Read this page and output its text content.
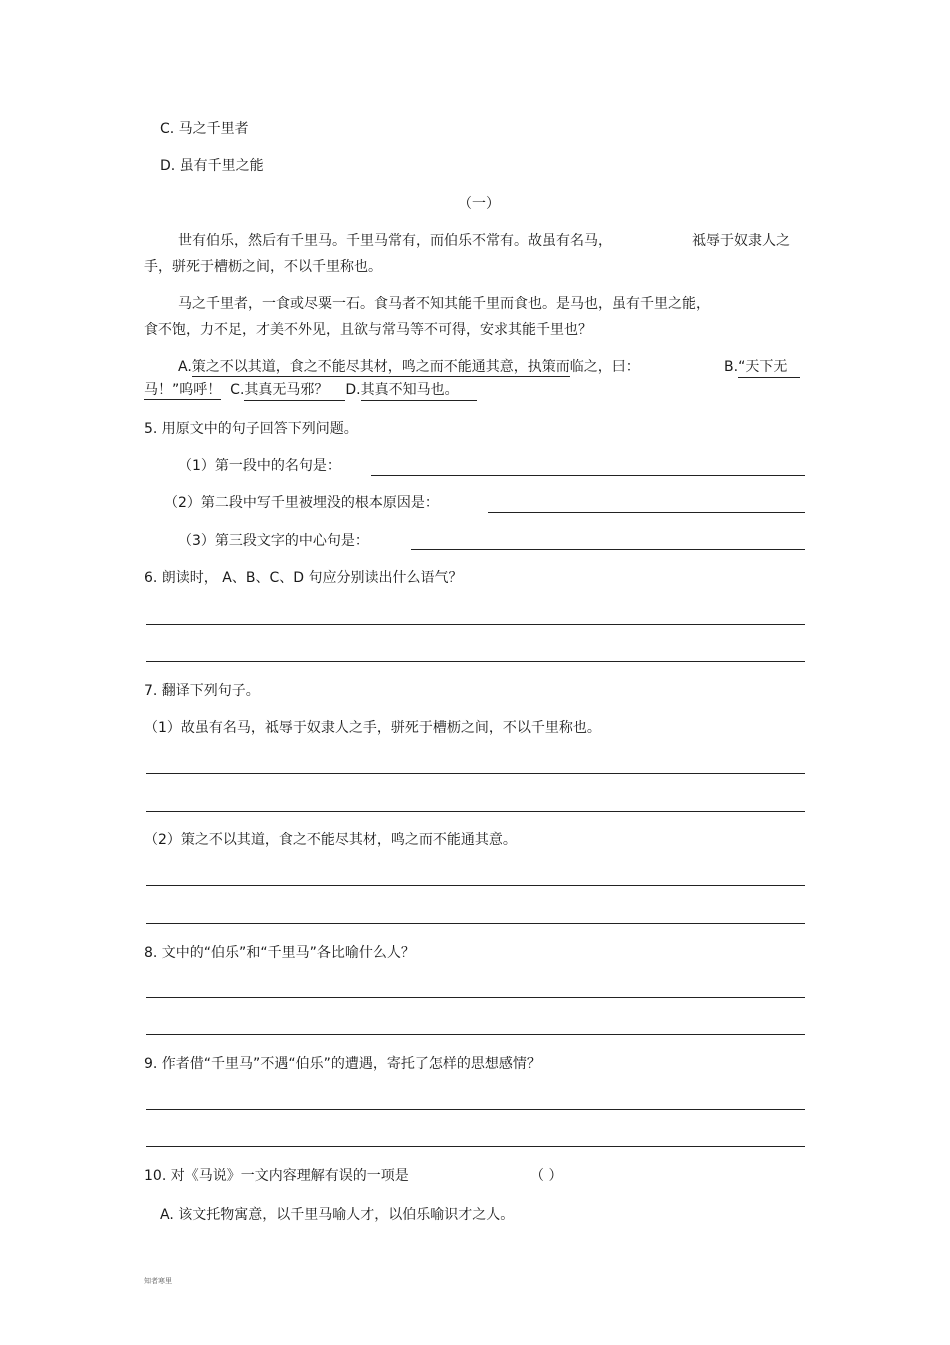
C. 马之千里者
D. 虽有千里之能
（一）
世有伯乐，然后有千里马。千里马常有，而伯乐不常有。故虽有名马，	祗辱于奴隶人之
手，骈死于槽枥之间，不以千里称也。
马之千里者，一食或尽粟一石。食马者不知其能千里而食也。是马也，虽有千里之能，
食不饱，力不足，才美不外见，且欲与常马等不可得，安求其能千里也？
A.策之不以其道，食之不能尽其材，鸣之而不能通其意，执策而临之，曰：	B.“天下无
马！”呜呼！ C.其真无马邪？ D.其真不知马也。
5. 用原文中的句子回答下列问题。
（1）第一段中的名句是：
（2）第二段中写千里被埋没的根本原因是：
（3）第三段文字的中心句是：
6. 朗读时， A、B、C、D 句应分别读出什么语气？
7. 翻译下列句子。
（1）故虽有名马，祗辱于奴隶人之手，骈死于槽枥之间，不以千里称也。
（2）策之不以其道，食之不能尽其材，鸣之而不能通其意。
8. 文中的“伯乐”和“千里马”各比喻什么人？
9. 作者借“千里马”不遇“伯乐”的遭遇，寄托了怎样的思想感情？
10. 对《马说》一文内容理解有误的一项是	（ ）
A. 该文托物寓意，以千里马喻人才，以伯乐喻识才之人。
知者寒里
